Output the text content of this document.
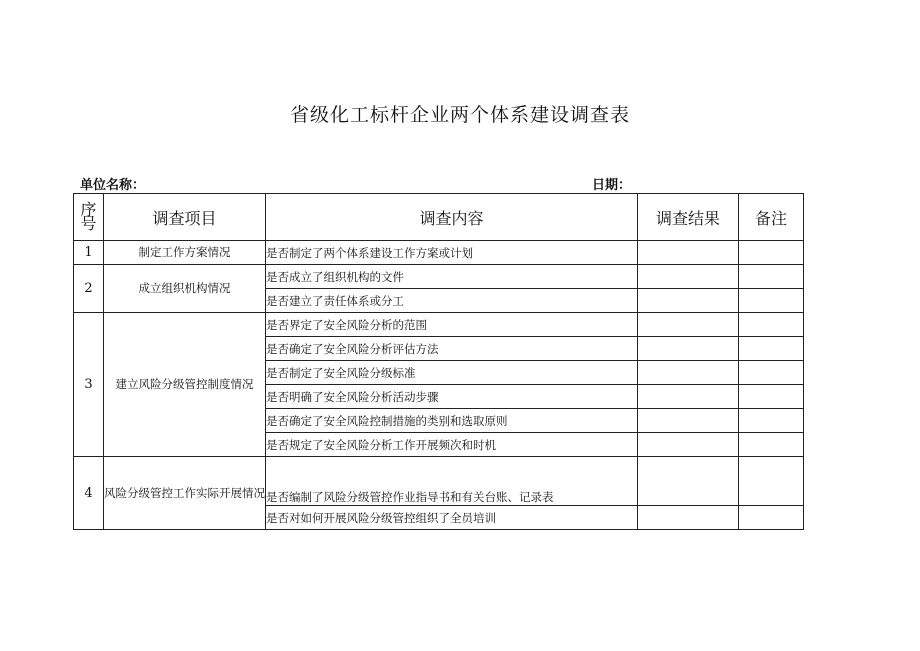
省级化工标杆企业两个体系建设调查表
单位名称：	日期：
序
号	调查项目	调查内容	调查结果	备注
1	制定工作方案情况	是否制定了两个体系建设工作方案或计划		
2	成立组织机构情况	是否成立了组织机构的文件		
		是否建立了责任体系或分工		
3	建立风险分级管控制度情况	是否界定了安全风险分析的范围		
		是否确定了安全风险分析评估方法		
		是否制定了安全风险分级标准		
		是否明确了安全风险分析活动步骤		
		是否确定了安全风险控制措施的类别和选取原则		
		是否规定了安全风险分析工作开展频次和时机		
4	风险分级管控工作实际开展情况	是否编制了风险分级管控作业指导书和有关台账、记录表		
		是否对如何开展风险分级管控组织了全员培训		
